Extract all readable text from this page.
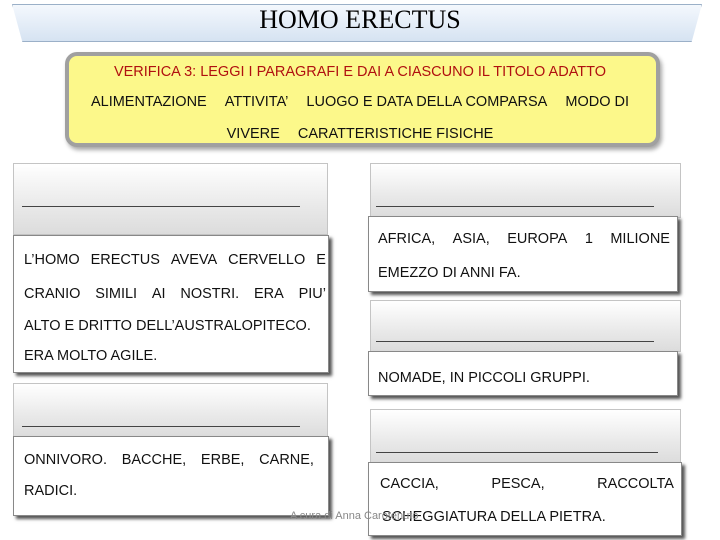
HOMO ERECTUS
VERIFICA 3: LEGGI I PARAGRAFI E DAI A CIASCUNO IL TITOLO ADATTO
ALIMENTAZIONE ATTIVITA’ LUOGO E DATA DELLA COMPARSA MODO DI
VIVERE CARATTERISTICHE FISICHE
L’HOMO ERECTUS AVEVA CERVELLO E
CRANIO SIMILI AI NOSTRI. ERA PIU’
ALTO E DRITTO DELL’AUSTRALOPITECO.
ERA MOLTO AGILE.
AFRICA, ASIA, EUROPA 1 MILIONE
EMEZZO DI ANNI FA.
NOMADE, IN PICCOLI GRUPPI.
ONNIVORO. BACCHE, ERBE, CARNE,
RADICI.	CACCIA,	PESCA,	RACCOLTA
SCHEGGIATURA DELLA PIETRA.
A cura di Anna Carotenuto
